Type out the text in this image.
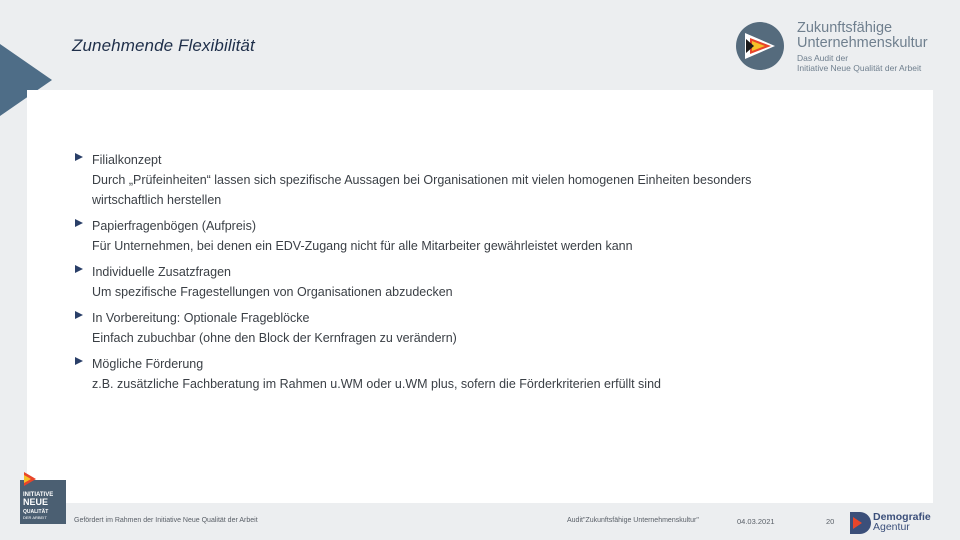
Zunehmende Flexibilität
Zukunftsfähige
Unternehmenskultur
Das Audit der
Initiative Neue Qualität der Arbeit
Filialkonzept
Durch „Prüfeinheiten“ lassen sich spezifische Aussagen bei Organisationen mit vielen homogenen Einheiten besonders
wirtschaftlich herstellen
Papierfragenbögen (Aufpreis)
Für Unternehmen, bei denen ein EDV-Zugang nicht für alle Mitarbeiter gewährleistet werden kann
Individuelle Zusatzfragen
Um spezifische Fragestellungen von Organisationen abzudecken
In Vorbereitung: Optionale Frageblöcke
Einfach zubuchbar (ohne den Block der Kernfragen zu verändern)
Mögliche Förderung
z.B. zusätzliche Fachberatung im Rahmen u.WM oder u.WM plus, sofern die Förderkriterien erfüllt sind
INITIATIVE
NEUE
QUALITÄT
DER ARBEIT	Gefördert im Rahmen der Initiative Neue Qualität der Arbeit	Audit"Zukunftsfähige Unternehmenskultur"	04.03.2021	20	Demografie
Agentur
